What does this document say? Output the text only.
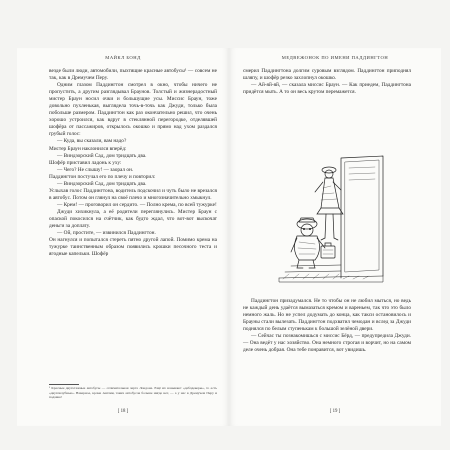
МАЙКЛ БОНД

везде были люди, автомобили, пыхтящие красные автобусы¹ — совсем не так, как в Дремучем Перу.

Одним глазом Паддингтон смотрел в окно, чтобы ничего не пропустить, а другим разглядывал Браунов. Толстый и жизнерадостный мистер Браун носил очки и большущие усы. Миссис Браун, тоже довольно пухленькая, выглядела точь-в-точь как Джуди, только была побольше размером. Паддингтон как раз окончательно решил, что очень хорошо устроился, как вдруг в стеклянной перегородке, отделявшей шофёра от пассажиров, открылось окошко и прямо над ухом раздался грубый голос:

— Куда, вы сказали, вам надо?

Мистер Браун наклонился вперёд:

— Виндзорский Сад, дом тридцать два.

Шофёр приставил ладонь к уху:

— Чего? Не слышу! — заорал он.

Паддингтон постучал его по плечу и повторил:

— Виндзорский Сад, дом тридцать два.

Услыхав голос Паддингтона, водитель подскочил и чуть было не врезался в автобус. Потом он глянул на своё плечо и многозначительно хмыкнул.

— Крем! — проговорил он сердито. — Полно крема, по всей тужурке!

Джуди хихикнула, а её родители переглянулись. Мистер Браун с опаской покосился на счётчик, как будто ждал, что вот-вот выскочат деньги за доплату.

— Ой, простите, — извинился Паддингтон.

Он нагнулся и попытался стереть пятно другой лапой. Помимо крема на тужурке таинственным образом появились крошки песочного теста и ягодные капельки. Шофёр

¹ Красные двухэтажные автобусы — отличительная черта Лондона. Ещё их называют «даблдекеры», то есть «двухпалубные». Наверное, кроме Англии, таких автобусов больше нигде нет, — а у нас в Дремучем Перу и подавно!
[ 18 ]
МЕДВЕЖОНОК ПО ИМЕНИ ПАДДИНГТОН

смерил Паддингтона долгим суровым взглядом. Паддингтон приподнял шляпу, и шофёр резко захлопнул окошко.

— Ай-яй-яй, — сказала миссис Браун. — Как приедем, Паддингтона придётся мыть. А то он весь крутом перемажется.

Паддингтон призадумался. Не то чтобы он не любил мыться, но ведь не каждый день удаётся вымазаться кремом и вареньем, так что это было немного жаль. Но не успел додумать до конца, как такси остановилось и Брауны стали вылезать. Паддингтон подхватил чемодан и вслед за Джуди поднялся по белым ступенькам к большой зелёной двери.

— Сейчас ты познакомишься с миссис Бёрд, — предупредила Джуди. — Она ведёт у нас хозяйство. Она немного строгая и ворчит, но на самом деле очень добрая. Она тебе понравится, вот увидишь.

[ 19 ]
